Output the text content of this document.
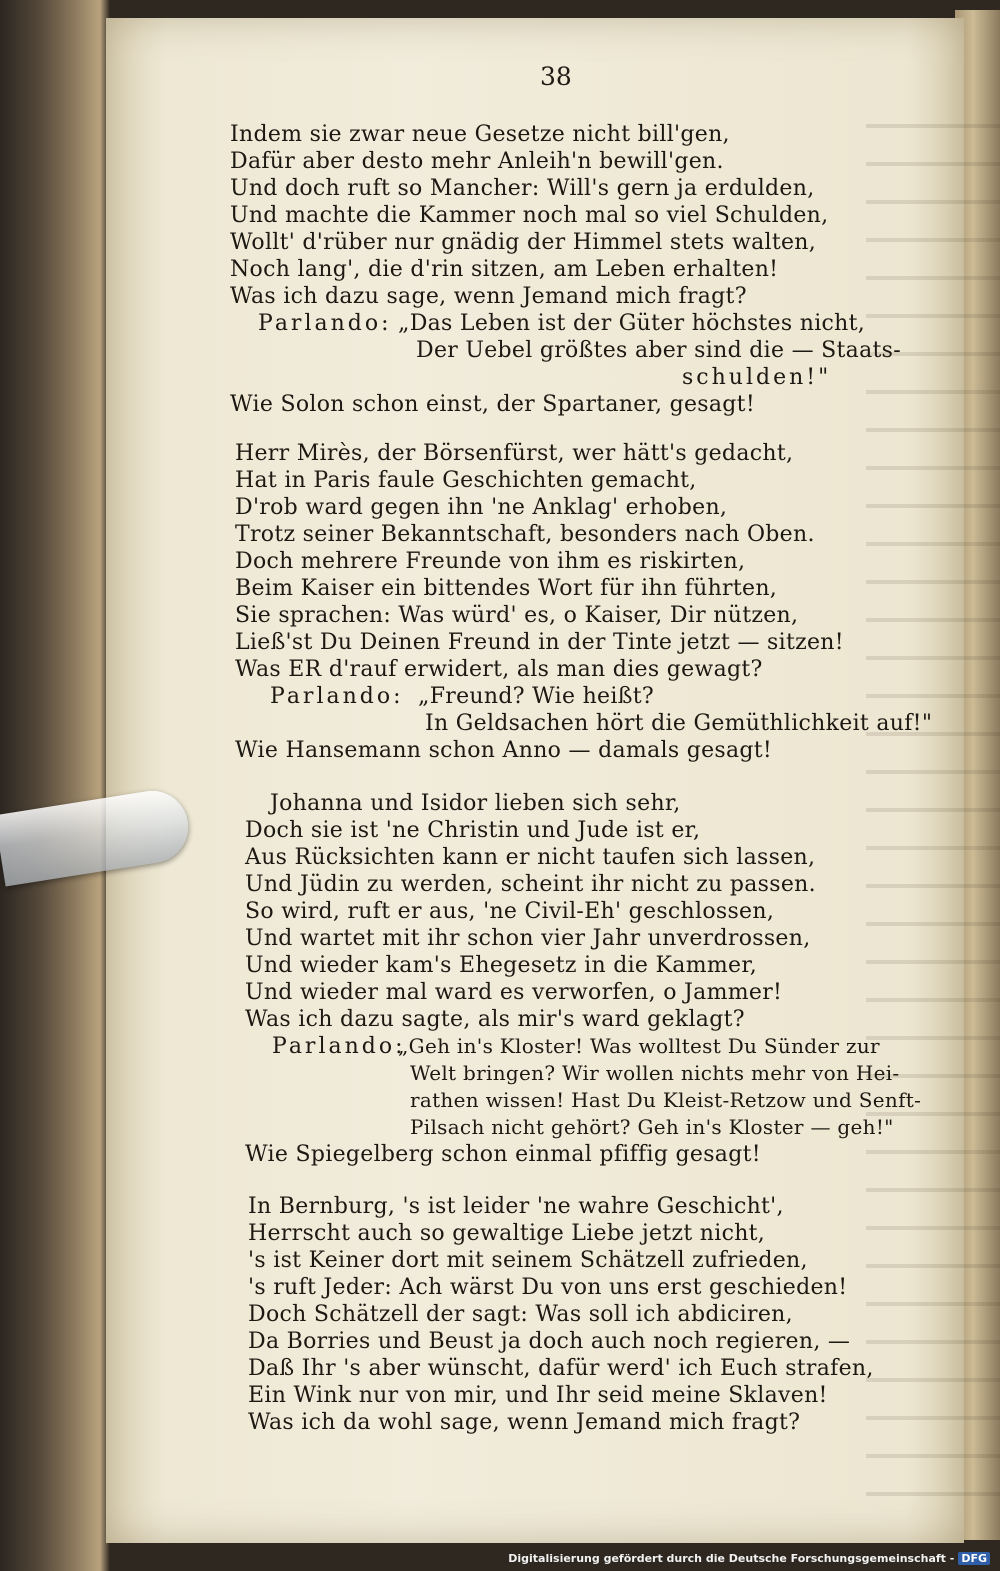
38
Indem sie zwar neue Gesetze nicht bill'gen,
Dafür aber desto mehr Anleih'n bewill'gen.
Und doch ruft so Mancher: Will's gern ja erdulden,
Und machte die Kammer noch mal so viel Schulden,
Wollt' d'rüber nur gnädig der Himmel stets walten,
Noch lang', die d'rin sitzen, am Leben erhalten!
Was ich dazu sage, wenn Jemand mich fragt?
Parlando: „Das Leben ist der Güter höchstes nicht,
Der Uebel größtes aber sind die — Staats-
schulden!"
Wie Solon schon einst, der Spartaner, gesagt!
Herr Mirès, der Börsenfürst, wer hätt's gedacht,
Hat in Paris faule Geschichten gemacht,
D'rob ward gegen ihn 'ne Anklag' erhoben,
Trotz seiner Bekanntschaft, besonders nach Oben.
Doch mehrere Freunde von ihm es riskirten,
Beim Kaiser ein bittendes Wort für ihn führten,
Sie sprachen: Was würd' es, o Kaiser, Dir nützen,
Ließ'st Du Deinen Freund in der Tinte jetzt — sitzen!
Was ER d'rauf erwidert, als man dies gewagt?
Parlando: „Freund? Wie heißt?
In Geldsachen hört die Gemüthlichkeit auf!"
Wie Hansemann schon Anno — damals gesagt!
Johanna und Isidor lieben sich sehr,
Doch sie ist 'ne Christin und Jude ist er,
Aus Rücksichten kann er nicht taufen sich lassen,
Und Jüdin zu werden, scheint ihr nicht zu passen.
So wird, ruft er aus, 'ne Civil-Eh' geschlossen,
Und wartet mit ihr schon vier Jahr unverdrossen,
Und wieder kam's Ehegesetz in die Kammer,
Und wieder mal ward es verworfen, o Jammer!
Was ich dazu sagte, als mir's ward geklagt?
Parlando:
„Geh in's Kloster! Was wolltest Du Sünder zur
Welt bringen? Wir wollen nichts mehr von Hei-
rathen wissen! Hast Du Kleist-Retzow und Senft-
Pilsach nicht gehört? Geh in's Kloster — geh!"
Wie Spiegelberg schon einmal pfiffig gesagt!
In Bernburg, 's ist leider 'ne wahre Geschicht',
Herrscht auch so gewaltige Liebe jetzt nicht,
's ist Keiner dort mit seinem Schätzell zufrieden,
's ruft Jeder: Ach wärst Du von uns erst geschieden!
Doch Schätzell der sagt: Was soll ich abdiciren,
Da Borries und Beust ja doch auch noch regieren, —
Daß Ihr 's aber wünscht, dafür werd' ich Euch strafen,
Ein Wink nur von mir, und Ihr seid meine Sklaven!
Was ich da wohl sage, wenn Jemand mich fragt?
Digitalisierung gefördert durch die Deutsche Forschungsgemeinschaft - DFG
